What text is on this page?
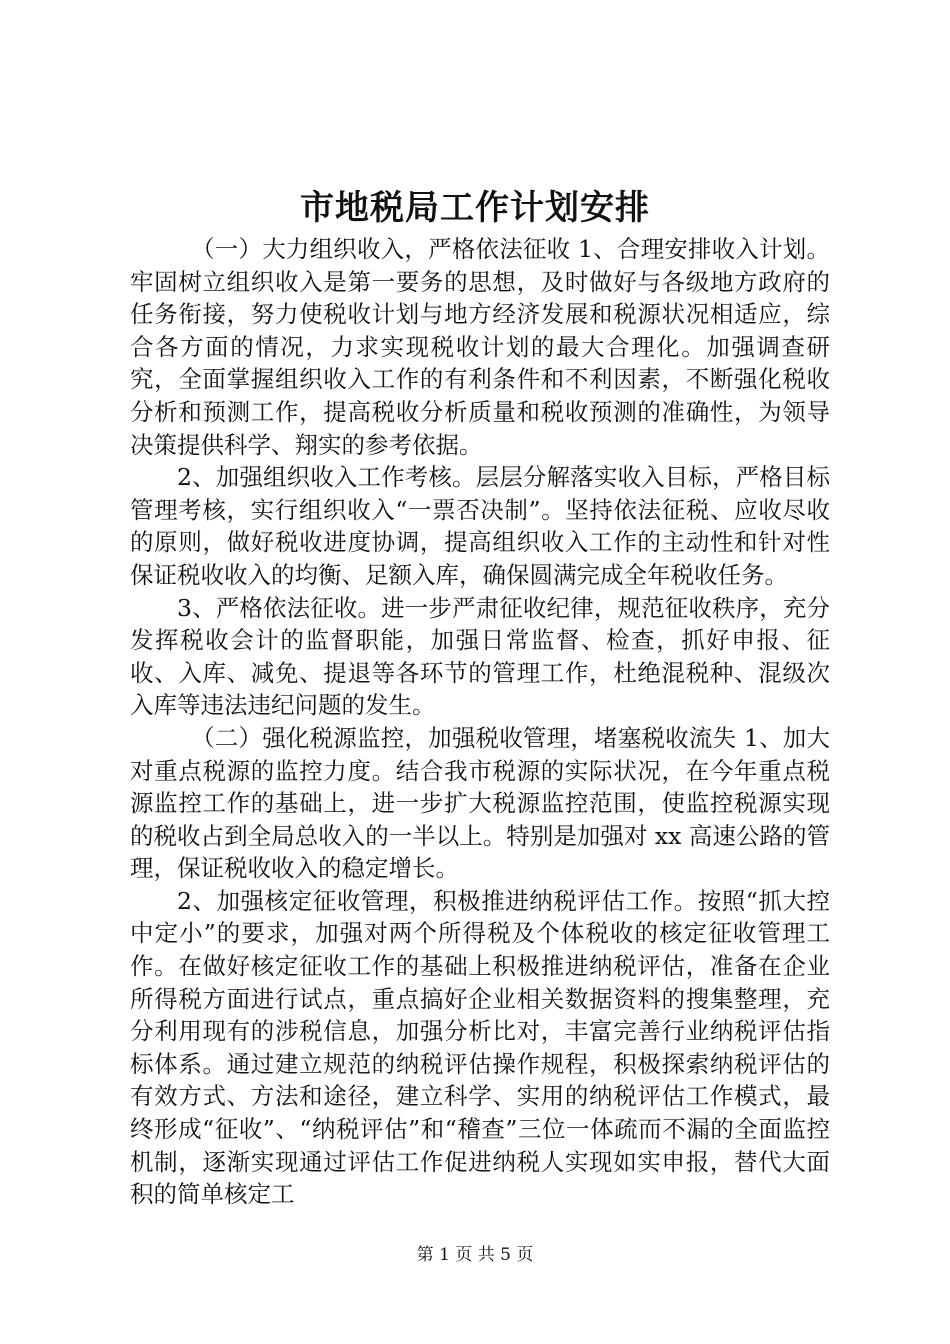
市地税局工作计划安排

（一）大力组织收入，严格依法征收 1、合理安排收入计划。牢固树立组织收入是第一要务的思想，及时做好与各级地方政府的任务衔接，努力使税收计划与地方经济发展和税源状况相适应，综合各方面的情况，力求实现税收计划的最大合理化。加强调查研究，全面掌握组织收入工作的有利条件和不利因素，不断强化税收分析和预测工作，提高税收分析质量和税收预测的准确性，为领导决策提供科学、翔实的参考依据。

2、加强组织收入工作考核。层层分解落实收入目标，严格目标管理考核，实行组织收入“一票否决制”。坚持依法征税、应收尽收的原则，做好税收进度协调，提高组织收入工作的主动性和针对性保证税收收入的均衡、足额入库，确保圆满完成全年税收任务。

3、严格依法征收。进一步严肃征收纪律，规范征收秩序，充分发挥税收会计的监督职能，加强日常监督、检查，抓好申报、征收、入库、减免、提退等各环节的管理工作，杜绝混税种、混级次入库等违法违纪问题的发生。

（二）强化税源监控，加强税收管理，堵塞税收流失 1、加大对重点税源的监控力度。结合我市税源的实际状况，在今年重点税源监控工作的基础上，进一步扩大税源监控范围，使监控税源实现的税收占到全局总收入的一半以上。特别是加强对 xx 高速公路的管理，保证税收收入的稳定增长。

2、加强核定征收管理，积极推进纳税评估工作。按照“抓大控中定小”的要求，加强对两个所得税及个体税收的核定征收管理工作。在做好核定征收工作的基础上积极推进纳税评估，准备在企业所得税方面进行试点，重点搞好企业相关数据资料的搜集整理，充分利用现有的涉税信息，加强分析比对，丰富完善行业纳税评估指标体系。通过建立规范的纳税评估操作规程，积极探索纳税评估的有效方式、方法和途径，建立科学、实用的纳税评估工作模式，最终形成“征收”、“纳税评估”和“稽查”三位一体疏而不漏的全面监控机制，逐渐实现通过评估工作促进纳税人实现如实申报，替代大面积的简单核定工

第 1 页 共 5 页
